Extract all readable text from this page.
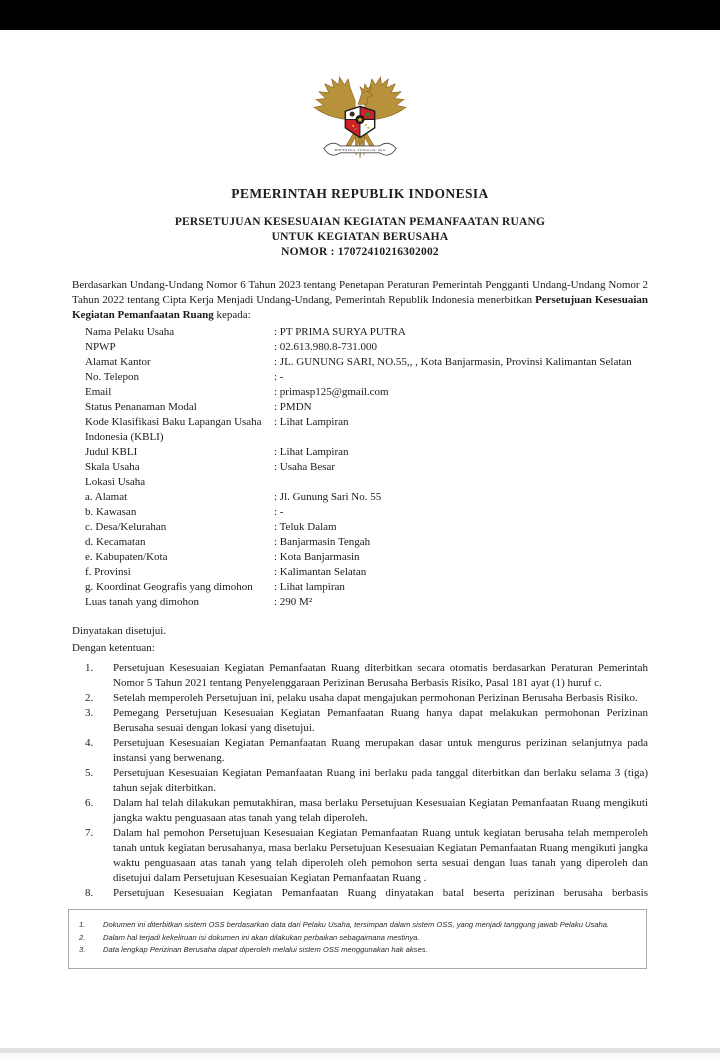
BHINNEKA TUNGGAL IKA
PEMERINTAH REPUBLIK INDONESIA
PERSETUJUAN KESESUAIAN KEGIATAN PEMANFAATAN RUANG
UNTUK KEGIATAN BERUSAHA
NOMOR : 17072410216302002

Berdasarkan Undang-Undang Nomor 6 Tahun 2023 tentang Penetapan Peraturan Pemerintah Pengganti Undang-Undang Nomor 2 Tahun 2022 tentang Cipta Kerja Menjadi Undang-Undang, Pemerintah Republik Indonesia menerbitkan Persetujuan Kesesuaian Kegiatan Pemanfaatan Ruang kepada:

Nama Pelaku Usaha	: PT PRIMA SURYA PUTRA
NPWP	: 02.613.980.8-731.000
Alamat Kantor	: JL. GUNUNG SARI, NO.55,, , Kota Banjarmasin, Provinsi Kalimantan Selatan
No. Telepon	: -
Email	: primasp125@gmail.com
Status Penanaman Modal	: PMDN
Kode Klasifikasi Baku Lapangan Usaha Indonesia (KBLI)
: Lihat Lampiran
Judul KBLI	: Lihat Lampiran
Skala Usaha	: Usaha Besar
Lokasi Usaha
a. Alamat	: Jl. Gunung Sari No. 55
b. Kawasan	: -
c. Desa/Kelurahan	: Teluk Dalam
d. Kecamatan	: Banjarmasin Tengah
e. Kabupaten/Kota	: Kota Banjarmasin
f. Provinsi	: Kalimantan Selatan
g. Koordinat Geografis yang dimohon	: Lihat lampiran
Luas tanah yang dimohon	: 290 M²
Dinyatakan disetujui.
Dengan ketentuan:
1.	Persetujuan Kesesuaian Kegiatan Pemanfaatan Ruang diterbitkan secara otomatis berdasarkan Peraturan Pemerintah Nomor 5 Tahun 2021 tentang Penyelenggaraan Perizinan Berusaha Berbasis Risiko, Pasal 181 ayat (1) huruf c.
2.	Setelah memperoleh Persetujuan ini, pelaku usaha dapat mengajukan permohonan Perizinan Berusaha Berbasis Risiko.
3.	Pemegang Persetujuan Kesesuaian Kegiatan Pemanfaatan Ruang hanya dapat melakukan permohonan Perizinan Berusaha sesuai dengan lokasi yang disetujui.
4.	Persetujuan Kesesuaian Kegiatan Pemanfaatan Ruang merupakan dasar untuk mengurus perizinan selanjutnya pada instansi yang berwenang.
5.	Persetujuan Kesesuaian Kegiatan Pemanfaatan Ruang ini berlaku pada tanggal diterbitkan dan berlaku selama 3 (tiga) tahun sejak diterbitkan.
6.	Dalam hal telah dilakukan pemutakhiran, masa berlaku Persetujuan Kesesuaian Kegiatan Pemanfaatan Ruang mengikuti jangka waktu penguasaan atas tanah yang telah diperoleh.
7.	Dalam hal pemohon Persetujuan Kesesuaian Kegiatan Pemanfaatan Ruang untuk kegiatan berusaha telah memperoleh tanah untuk kegiatan berusahanya, masa berlaku Persetujuan Kesesuaian Kegiatan Pemanfaatan Ruang mengikuti jangka waktu penguasaan atas tanah yang telah diperoleh oleh pemohon serta sesuai dengan luas tanah yang diperoleh dan disetujui dalam Persetujuan Kesesuaian Kegiatan Pemanfaatan Ruang .
8.	Persetujuan Kesesuaian Kegiatan Pemanfaatan Ruang dinyatakan batal beserta perizinan berusaha berbasis
1.	Dokumen ini diterbitkan sistem OSS berdasarkan data dari Pelaku Usaha, tersimpan dalam sistem OSS, yang menjadi tanggung jawab Pelaku Usaha.
2.	Dalam hal terjadi kekeliruan isi dokumen ini akan dilakukan perbaikan sebagaimana mestinya.
3.	Data lengkap Perizinan Berusaha dapat diperoleh melalui sistem OSS menggunakan hak akses.
